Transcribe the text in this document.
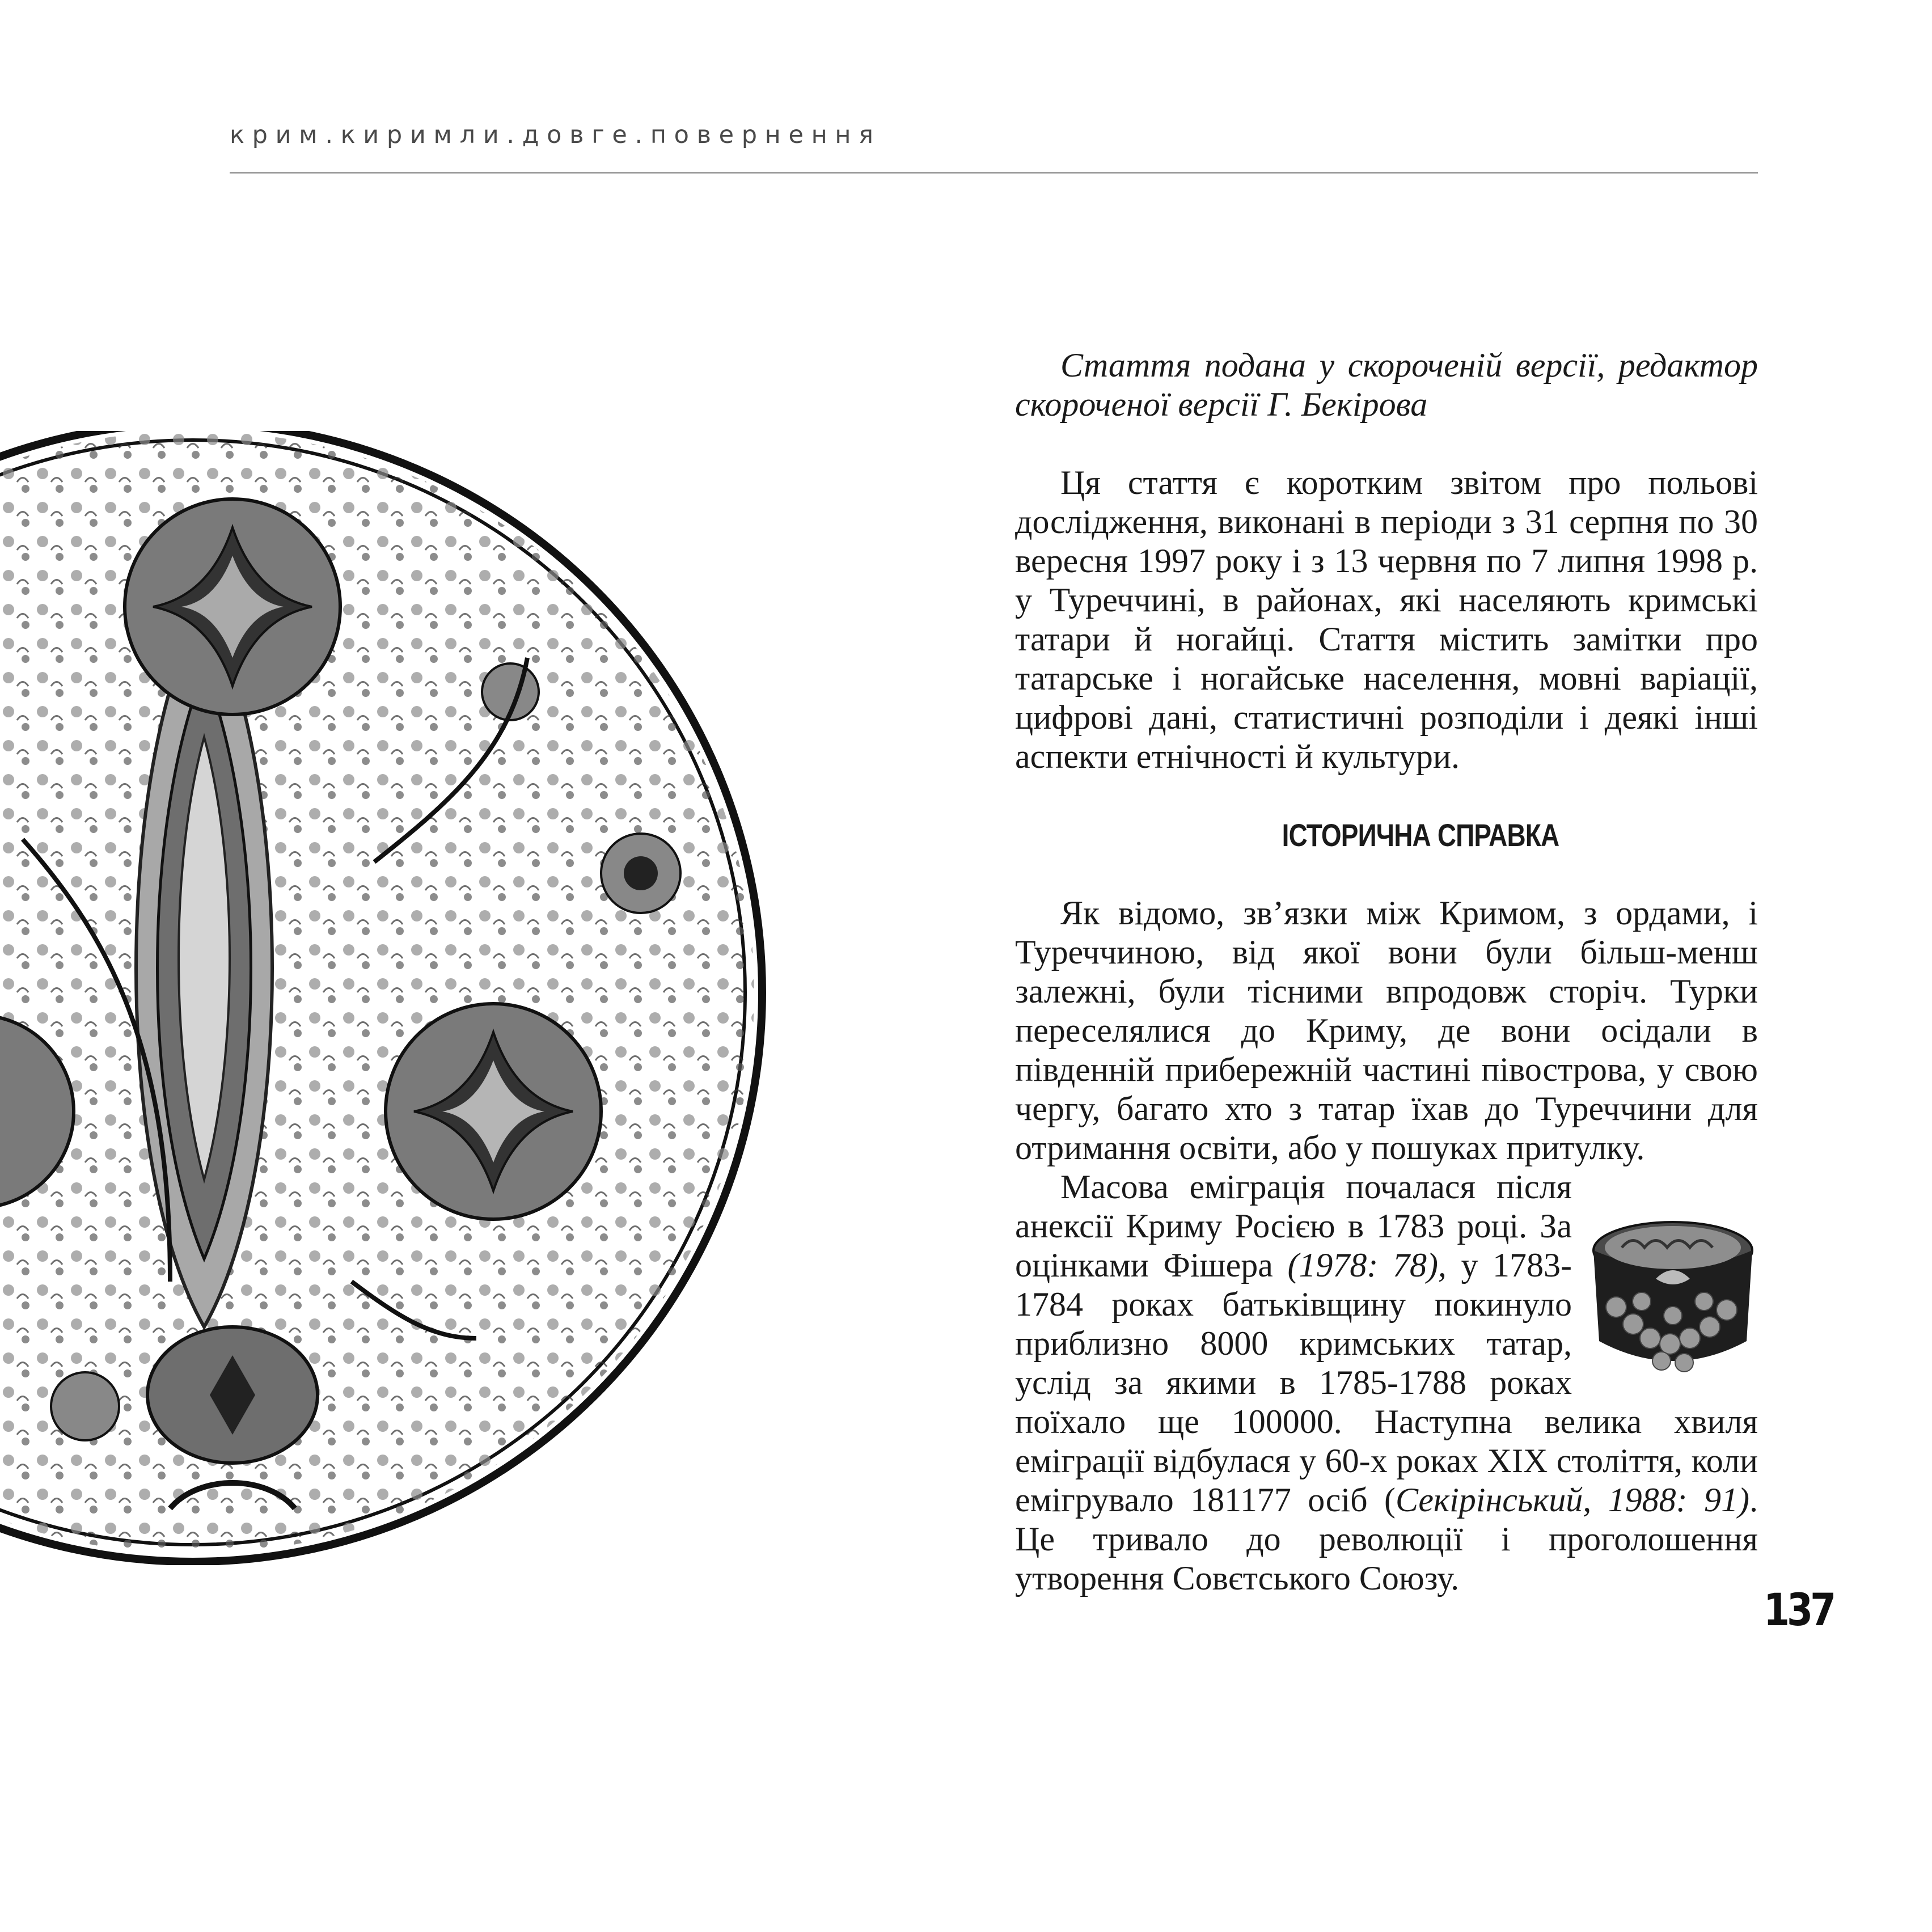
к р и м . к и р и м л и . д о в г е . п о в е р н е н н я

Стаття подана у скороченій версії, редактор скороченої версії Г. Бекірова

Ця стаття є коротким звітом про польові дослідження, виконані в періоди з 31 серпня по 30 вересня 1997 року і з 13 червня по 7 липня 1998 р. у Туреччині, в районах, які населяють кримські татари й ногайці. Стаття містить замітки про татарське і ногайське населення, мовні варіації, цифрові дані, статистичні розподіли і деякі інші аспекти етнічності й культури.

ІСТОРИЧНА СПРАВКА

Як відомо, зв’язки між Кримом, з ордами, і Туреччиною, від якої вони були більш-менш залежні, були тісними впродовж сторіч. Турки переселялися до Криму, де вони осідали в південній прибережній частині півострова, у свою чергу, багато хто з татар їхав до Туреччини для отримання освіти, або у пошуках притулку.

Масова еміграція почалася після анексії Криму Росією в 1783 році. За оцінками Фішера (1978: 78), у 1783-1784 роках батьківщину покинуло приблизно 8000 кримських татар, услід за якими в 1785-1788 роках поїхало ще 100000. Наступна велика хвиля еміграції відбулася у 60-х роках XIX століття, коли емігрувало 181177 осіб (Секірінський, 1988: 91). Це тривало до революції і проголошення утворення Совєтського Союзу.

137
